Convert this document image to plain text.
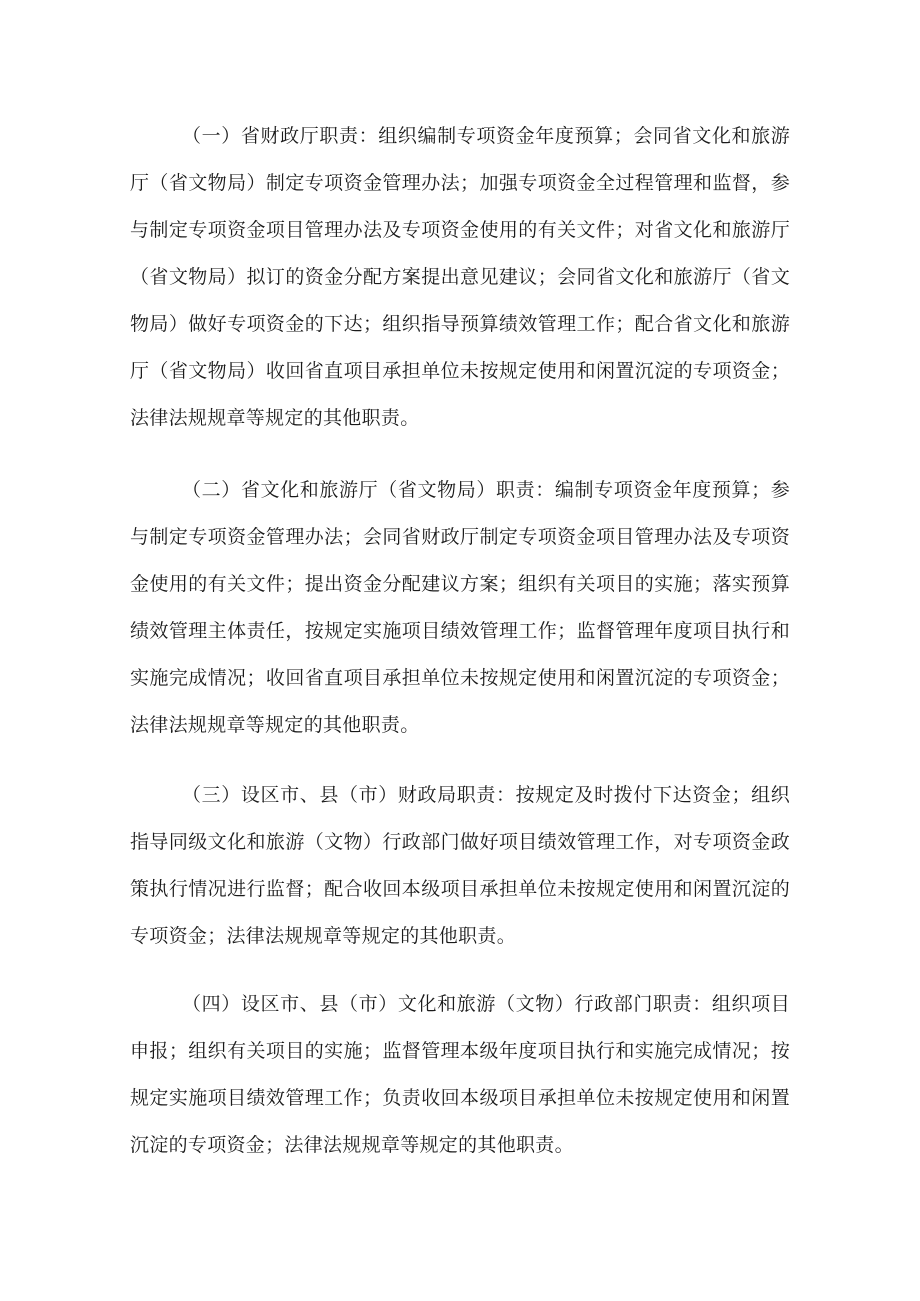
（一）省财政厅职责：组织编制专项资金年度预算；会同省文化和旅游厅（省文物局）制定专项资金管理办法；加强专项资金全过程管理和监督，参与制定专项资金项目管理办法及专项资金使用的有关文件；对省文化和旅游厅（省文物局）拟订的资金分配方案提出意见建议；会同省文化和旅游厅（省文物局）做好专项资金的下达；组织指导预算绩效管理工作；配合省文化和旅游厅（省文物局）收回省直项目承担单位未按规定使用和闲置沉淀的专项资金；法律法规规章等规定的其他职责。

（二）省文化和旅游厅（省文物局）职责：编制专项资金年度预算；参与制定专项资金管理办法；会同省财政厅制定专项资金项目管理办法及专项资金使用的有关文件；提出资金分配建议方案；组织有关项目的实施；落实预算绩效管理主体责任，按规定实施项目绩效管理工作；监督管理年度项目执行和实施完成情况；收回省直项目承担单位未按规定使用和闲置沉淀的专项资金；法律法规规章等规定的其他职责。

（三）设区市、县（市）财政局职责：按规定及时拨付下达资金；组织指导同级文化和旅游（文物）行政部门做好项目绩效管理工作，对专项资金政策执行情况进行监督；配合收回本级项目承担单位未按规定使用和闲置沉淀的专项资金；法律法规规章等规定的其他职责。

（四）设区市、县（市）文化和旅游（文物）行政部门职责：组织项目申报；组织有关项目的实施；监督管理本级年度项目执行和实施完成情况；按规定实施项目绩效管理工作；负责收回本级项目承担单位未按规定使用和闲置沉淀的专项资金；法律法规规章等规定的其他职责。
